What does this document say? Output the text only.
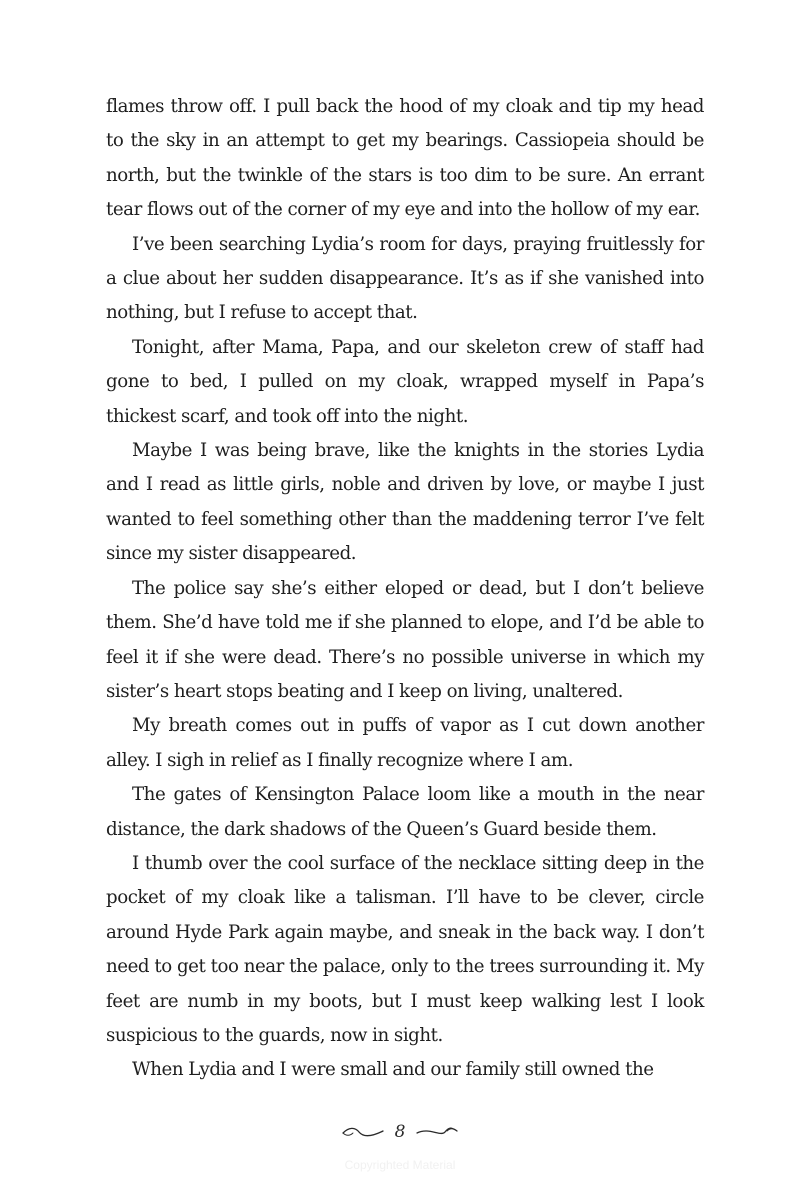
flames throw off. I pull back the hood of my cloak and tip my head to the sky in an attempt to get my bearings. Cassiopeia should be north, but the twinkle of the stars is too dim to be sure. An errant tear flows out of the corner of my eye and into the hollow of my ear.

I’ve been searching Lydia’s room for days, praying fruitlessly for a clue about her sudden disappearance. It’s as if she vanished into nothing, but I refuse to accept that.

Tonight, after Mama, Papa, and our skeleton crew of staff had gone to bed, I pulled on my cloak, wrapped myself in Papa’s thickest scarf, and took off into the night.

Maybe I was being brave, like the knights in the stories Lydia and I read as little girls, noble and driven by love, or maybe I just wanted to feel something other than the maddening terror I’ve felt since my sister disappeared.

The police say she’s either eloped or dead, but I don’t believe them. She’d have told me if she planned to elope, and I’d be able to feel it if she were dead. There’s no possible universe in which my sister’s heart stops beating and I keep on living, unaltered.

My breath comes out in puffs of vapor as I cut down another alley. I sigh in relief as I finally recognize where I am.

The gates of Kensington Palace loom like a mouth in the near distance, the dark shadows of the Queen’s Guard beside them.

I thumb over the cool surface of the necklace sitting deep in the pocket of my cloak like a talisman. I’ll have to be clever, circle around Hyde Park again maybe, and sneak in the back way. I don’t need to get too near the palace, only to the trees surrounding it. My feet are numb in my boots, but I must keep walking lest I look suspicious to the guards, now in sight.

When Lydia and I were small and our family still owned the

8
Copyrighted Material
